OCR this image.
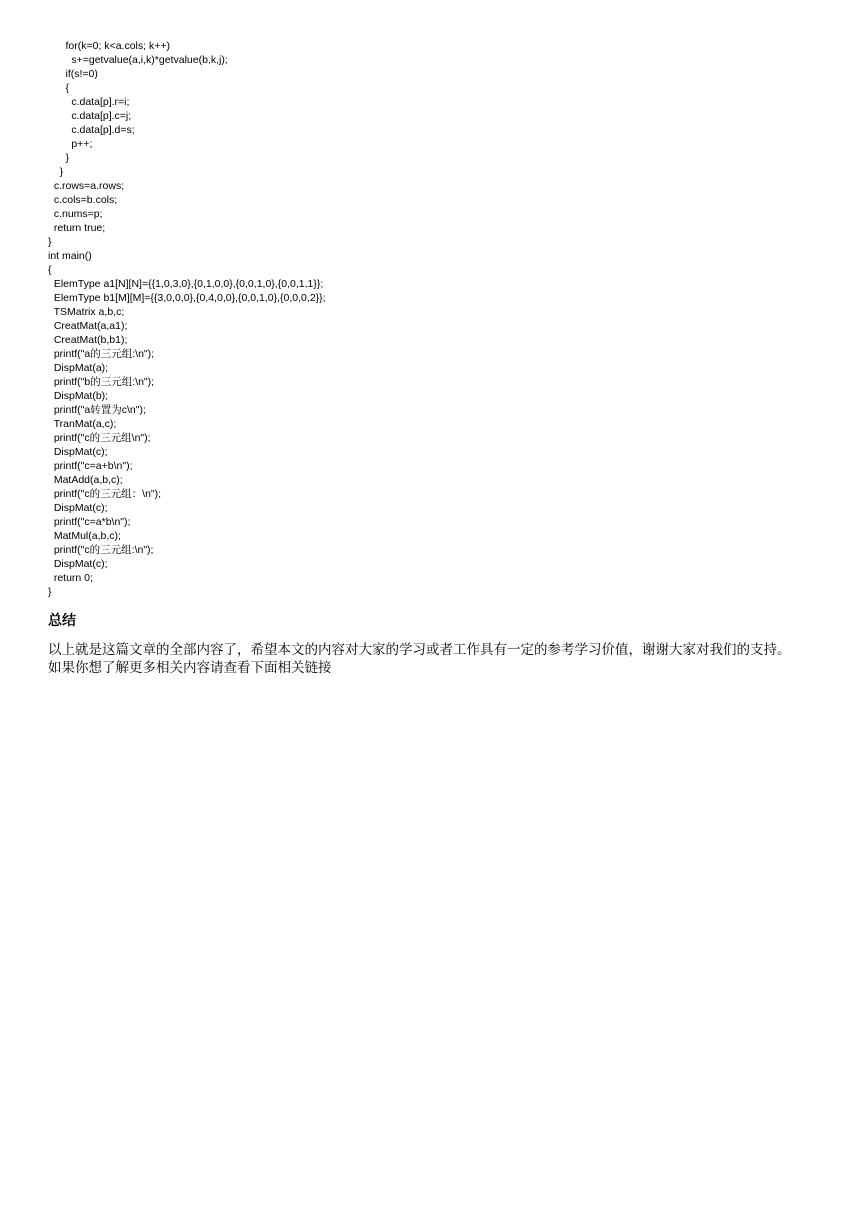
for(k=0; k<a.cols; k++)
s+=getvalue(a,i,k)*getvalue(b,k,j);
if(s!=0)
{
c.data[p].r=i;
c.data[p].c=j;
c.data[p].d=s;
p++;
}
}
c.rows=a.rows;
c.cols=b.cols;
c.nums=p;
return true;
}
int main()
{
ElemType a1[N][N]={{1,0,3,0},{0,1,0,0},{0,0,1,0},{0,0,1,1}};
ElemType b1[M][M]={{3,0,0,0},{0,4,0,0},{0,0,1,0},{0,0,0,2}};
TSMatrix a,b,c;
CreatMat(a,a1);
CreatMat(b,b1);
printf("a的三元组:\n");
DispMat(a);
printf("b的三元组:\n");
DispMat(b);
printf("a转置为c\n");
TranMat(a,c);
printf("c的三元组\n");
DispMat(c);
printf("c=a+b\n");
MatAdd(a,b,c);
printf("c的三元组：\n");
DispMat(c);
printf("c=a*b\n");
MatMul(a,b,c);
printf("c的三元组:\n");
DispMat(c);
return 0;
}
总结

以上就是这篇文章的全部内容了，希望本文的内容对大家的学习或者工作具有一定的参考学习价值，谢谢大家对我们的支持。
如果你想了解更多相关内容请查看下面相关链接
